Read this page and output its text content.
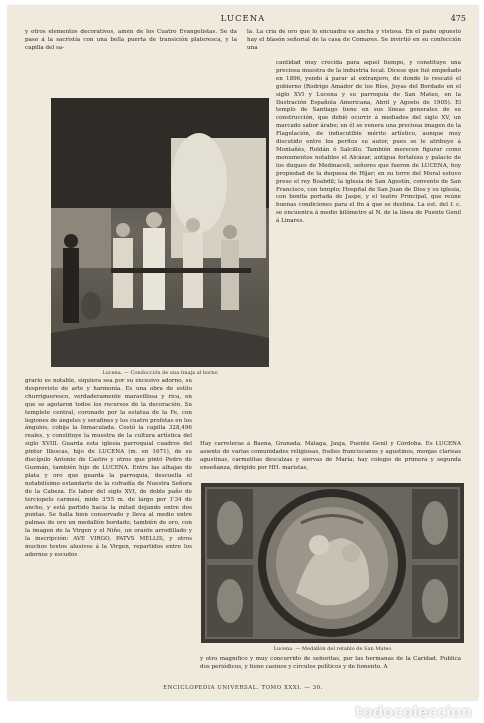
LUCENA	475

y otros elementos decorativos, amén de los Cuatro Evangelistas. Se da paso á la sacristía con una bella puerta de transición plateresca, y la capilla del sa-

la. La cría de oro que lo encuadra es ancha y vistosa. En el paño opuesto hay el blasón señorial de la casa de Comares. Se invirtió en su confección una

Lucena. — Conducción de una tinaja al horno

cantidad muy crecida para aquel tiempo, y constituye una preciosa muestra de la industria local. Dícese que fué empeñado en 1896, yendo á parar al extranjero, de donde lo rescató el gobierno (Rodrigo Amador de los Ríos, Joyas del Bordado en el siglo XVI y Lucena y su parroquia de San Mateo, en la Ilustración Española Americana, Abril y Agosto de 1905). El templo de Santiago tiene en sus líneas generales de su construcción, que debió ocurrir á mediados del siglo XV, un marcado sabor árabe; en él se venera una preciosa imagen de la Flagelación, de indiscutible mérito artístico, aunque muy discutido entre los peritos su autor, pues se le atribuye á Montañés, Roldán ó Salcillo. También merecen figurar como monumentos notables el Alcázar, antigua fortaleza y palacio de los duques de Medinaceli, señores que fueron de LUCENA, hoy propiedad de la duquesa de Híjar; en su torre del Moral estuvo preso el rey Boabdil; la iglesia de San Agustín, convento de San Francisco, con templo; Hospital de San Juan de Dios y su iglesia, con bonita portada de Jaspe, y el teatro Principal, que reúne buenas condiciones para el fin á que se destina. La est. del f. c. se encuentra á medio kilómetro al N. de la línea de Puente Genil á Linares.

grario es notable, siquiera sea por su excesivo adorno, su desprovisto de arte y harmonía. Es una obra de estilo churrigueresco, verdaderamente maravillosa y rica, en que se agotaron todos los recursos de la decoración. Su templete central, coronado por la estatua de la Fe, con legiones de ángeles y serafines y los cuatro profetas en los ángulos, cobija la Inmaculada. Costó la capilla 328,496 reales, y constituye la muestra de la cultura artística del siglo XVIII. Guarda esta iglesia parroquial cuadros del pintor Illescas, hijo de LUCENA (m. en 1671), de su discípulo Antonio de Castro y otros que pintó Pedro de Guzmán, también hijo de LUCENA. Entre las alhajas de plata y oro que guarda la parroquia, descuella el notabilísimo estandarte de la cofradía de Nuestra Señora de la Cabeza. Es labor del siglo XVI, de doble paño de terciopelo carmesí, mide 3'55 m. de largo por 1'34 de ancho, y está partido hacia la mitad dejando entre dos puntas. Se halla bien conservado y lleva al medio entre palmas de oro un medallón bordado, también de oro, con la imagen de la Virgen y el Niño, un orante arrodillado y la inscripción: AVE VIRGO, PATVS MELLIS, y otros muchos textos alusivos á la Virgen, repartidos entre los adornos y escudos

Hay carreteras á Baena, Granada, Málaga, Jauja, Puente Genil y Córdoba. Es LUCENA asiento de varias comunidades religiosas, frailes franciscanos y agustinos, monjas clarisas agustinas, carmelitas descalzas y siervas de María; hay colegio de primera y segunda enseñanza, dirigido por HH. maristas,

Lucena. — Medallón del retablo de San Mateo

y otro magnífico y muy concurrido de señoritas, por las hermanas de la Caridad. Publica dos periódicos, y tiene casinos y círculos políticos y de fomento. A

ENCICLOPEDIA UNIVERSAL. TOMO XXXI. — 30.
todocoleccion
